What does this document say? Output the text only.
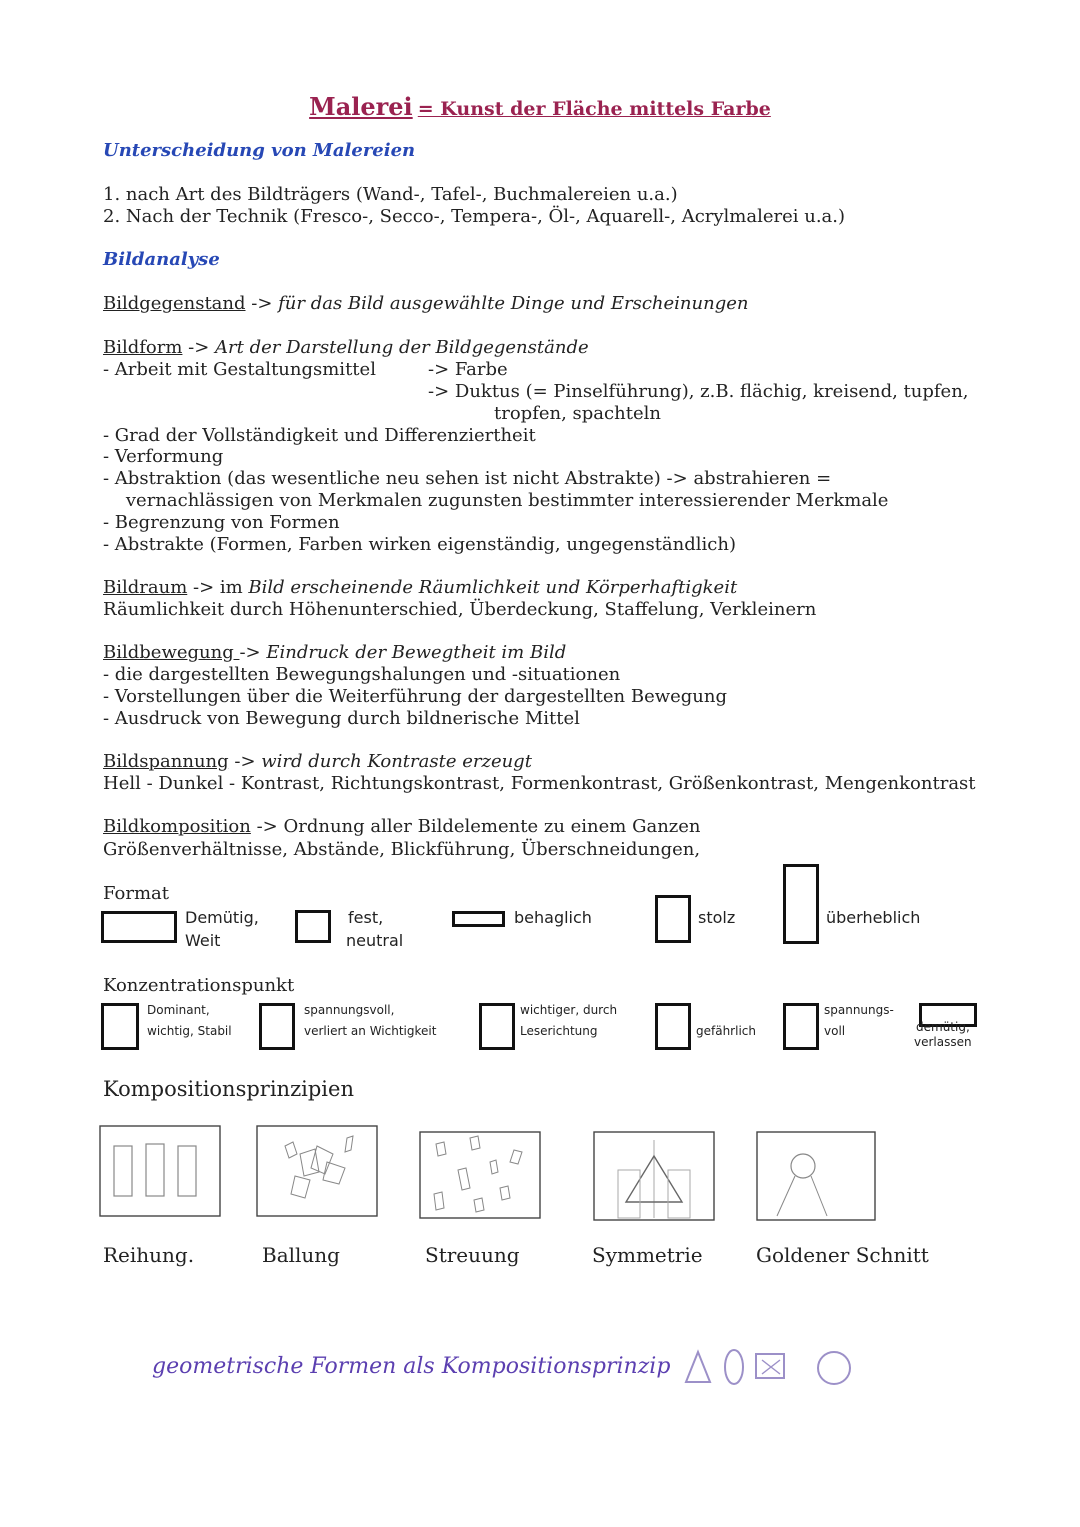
Malerei = Kunst der Fläche mittels Farbe
Unterscheidung von Malereien
1. nach Art des Bildträgers (Wand-, Tafel-, Buchmalereien u.a.)
2. Nach der Technik (Fresco-, Secco-, Tempera-, Öl-, Aquarell-, Acrylmalerei u.a.)
Bildanalyse
Bildgegenstand -> für das Bild ausgewählte Dinge und Erscheinungen
Bildform -> Art der Darstellung der Bildgegenstände
- Arbeit mit Gestaltungsmittel	-> Farbe
-> Duktus (= Pinselführung), z.B. flächig, kreisend, tupfen,
tropfen, spachteln
- Grad der Vollständigkeit und Differenziertheit
- Verformung
- Abstraktion (das wesentliche neu sehen ist nicht Abstrakte) -> abstrahieren =
vernachlässigen von Merkmalen zugunsten bestimmter interessierender Merkmale
- Begrenzung von Formen
- Abstrakte (Formen, Farben wirken eigenständig, ungegenständlich)
Bildraum -> im Bild erscheinende Räumlichkeit und Körperhaftigkeit
Räumlichkeit durch Höhenunterschied, Überdeckung, Staffelung, Verkleinern
Bildbewegung -> Eindruck der Bewegtheit im Bild
- die dargestellten Bewegungshalungen und -situationen
- Vorstellungen über die Weiterführung der dargestellten Bewegung
- Ausdruck von Bewegung durch bildnerische Mittel
Bildspannung -> wird durch Kontraste erzeugt
Hell - Dunkel - Kontrast, Richtungskontrast, Formenkontrast, Größenkontrast, Mengenkontrast
Bildkomposition -> Ordnung aller Bildelemente zu einem Ganzen
Größenverhältnisse, Abstände, Blickführung, Überschneidungen,
Format
Demütig,
Weit
fest,
neutral
behaglich	stolz	überheblich
Konzentrationspunkt
Dominant,
wichtig, Stabil
spannungsvoll,
verliert an Wichtigkeit
wichtiger, durch
Leserichtung	gefährlich
spannungs-
voll	demütig,
verlassen
Kompositionsprinzipien
Reihung.	Ballung	Streuung	Symmetrie	Goldener Schnitt
geometrische Formen als Kompositionsprinzip
